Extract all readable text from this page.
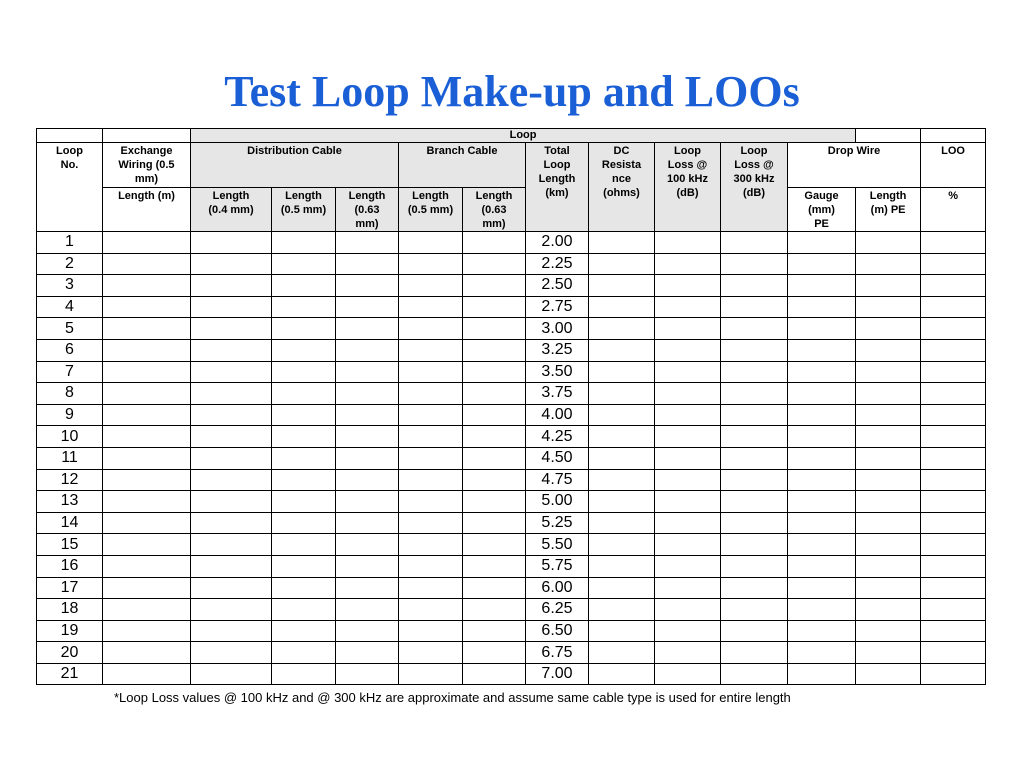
Test Loop Make-up and LOOs
		Loop												

Loop No.	Exchange Wiring (0.5 mm)	Distribution Cable			Branch Cable		Total Loop Length (km)	DC Resista nce (ohms)	Loop Loss @ 100 kHz (dB)	Loop Loss @ 300 kHz (dB)	Drop Wire		LOO	

	Length (m)	Length (0.4 mm)	Length (0.5 mm)	Length (0.63 mm)	Length (0.5 mm)	Length (0.63 mm)					Gauge (mm) PE	Length (m) PE	%	

1							2.00							
2							2.25							
3							2.50							
4							2.75							
5							3.00							
6							3.25							
7							3.50							
8							3.75							
9							4.00							
10							4.25							
11							4.50							
12							4.75							
13							5.00							
14							5.25							
15							5.50							
16							5.75							
17							6.00							
18							6.25							
19							6.50							
20							6.75							
21							7.00							
*Loop Loss values @ 100 kHz and @ 300 kHz are approximate and assume same cable type is used for entire length
